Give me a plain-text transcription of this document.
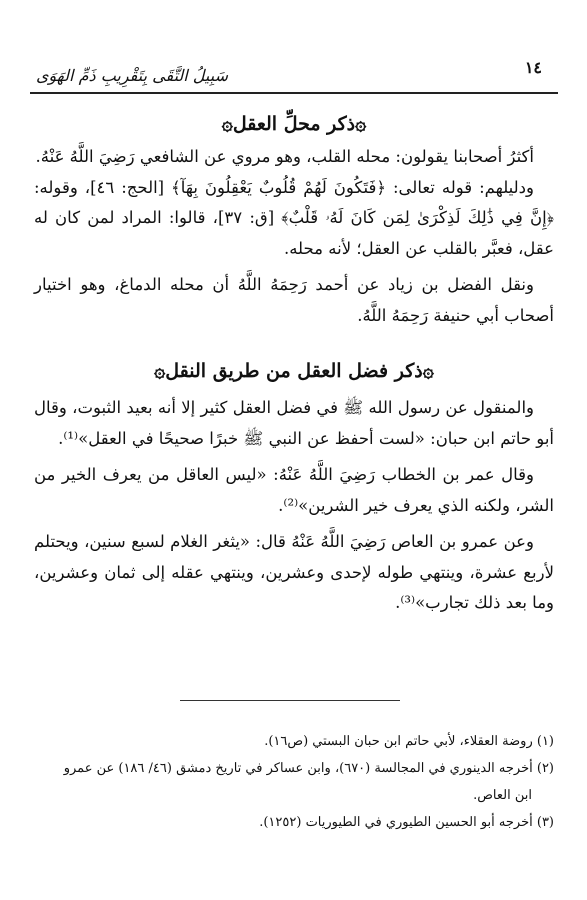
١٤
سَبِيلُ التَّقَى بِتَقْرِيبِ ذَمِّ الهَوَى

۞ذكر محلِّ العقل۞

أكثرُ أصحابنا يقولون: محله القلب، وهو مروي عن الشافعي رَضِيَ اللَّهُ عَنْهُ.

ودليلهم: قوله تعالى: ﴿فَتَكُونَ لَهُمْ قُلُوبٌ يَعْقِلُونَ بِهَآ﴾ [الحج: ٤٦]، وقوله: ﴿إِنَّ فِي ذَٰلِكَ لَذِكْرَىٰ لِمَن كَانَ لَهُۥ قَلْبٌ﴾ [ق: ٣٧]، قالوا: المراد لمن كان له عقل، فعبَّر بالقلب عن العقل؛ لأنه محله.

ونقل الفضل بن زياد عن أحمد رَحِمَهُ اللَّهُ أن محله الدماغ، وهو اختيار أصحاب أبي حنيفة رَحِمَهُ اللَّهُ.

۞ذكر فضل العقل من طريق النقل۞

والمنقول عن رسول الله ﷺ في فضل العقل كثير إلا أنه بعيد الثبوت، وقال أبو حاتم ابن حبان: «لست أحفظ عن النبي ﷺ خبرًا صحيحًا في العقل»⁽¹⁾.

وقال عمر بن الخطاب رَضِيَ اللَّهُ عَنْهُ: «ليس العاقل من يعرف الخير من الشر، ولكنه الذي يعرف خير الشرين»⁽²⁾.

وعن عمرو بن العاص رَضِيَ اللَّهُ عَنْهُ قال: «يثغر الغلام لسبع سنين، ويحتلم لأربع عشرة، وينتهي طوله لإحدى وعشرين، وينتهي عقله إلى ثمان وعشرين، وما بعد ذلك تجارب»⁽³⁾.

(١) روضة العقلاء، لأبي حاتم ابن حبان البستي (ص١٦).

(٢) أخرجه الدينوري في المجالسة (٦٧٠)، وابن عساكر في تاريخ دمشق (٤٦/ ١٨٦) عن عمرو

ابن العاص.

(٣) أخرجه أبو الحسين الطيوري في الطيوريات (١٢٥٢).
